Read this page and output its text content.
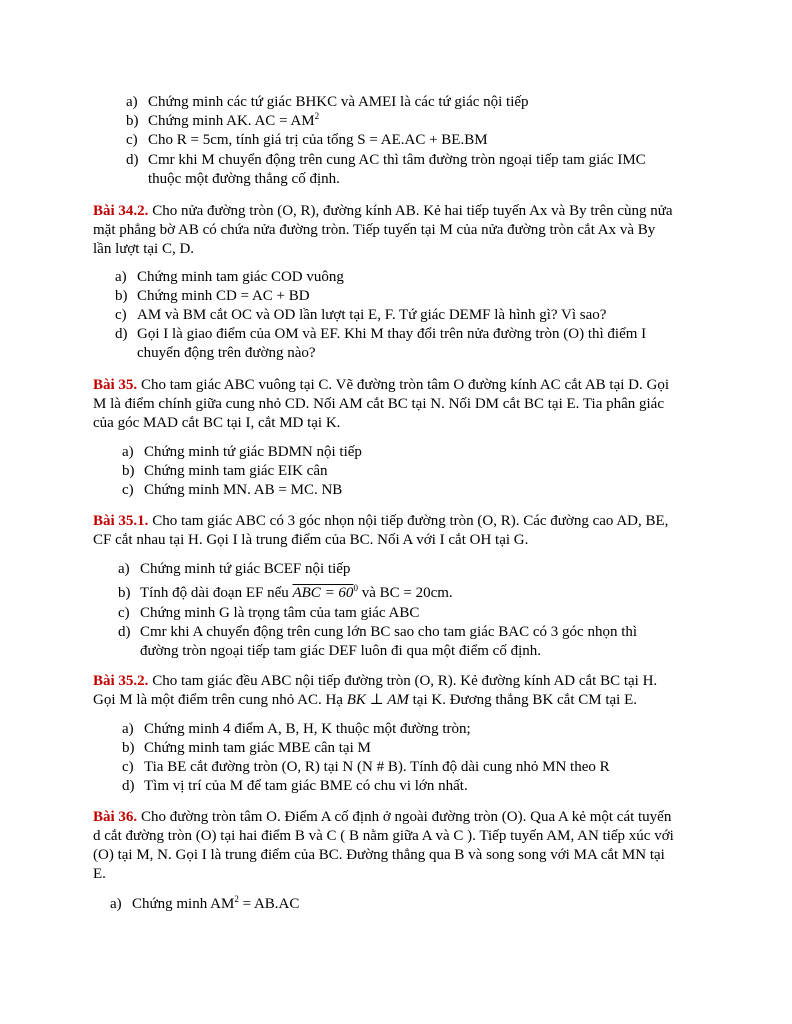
a) Chứng minh các tứ giác BHKC và AMEI là các tứ giác nội tiếp
b) Chứng minh AK. AC = $AM^2$
c) Cho R = 5cm, tính giá trị của tổng S = AE.AC + BE.BM
d) Cmr khi M chuyển động trên cung AC thì tâm đường tròn ngoại tiếp tam giác IMC
thuộc một đường thẳng cố định.
Bài 34.2. Cho nửa đường tròn (O, R), đường kính AB. Kẻ hai tiếp tuyến Ax và By trên cùng nửa
mặt phẳng bờ AB có chứa nửa đường tròn. Tiếp tuyến tại M của nửa đường tròn cắt Ax và By
lần lượt tại C, D.
a) Chứng minh tam giác COD vuông
b) Chứng minh CD = AC + BD
c) AM và BM cắt OC và OD lần lượt tại E, F. Tứ giác DEMF là hình gì? Vì sao?
d) Gọi I là giao điểm của OM và EF. Khi M thay đổi trên nửa đường tròn (O) thì điểm I
chuyển động trên đường nào?
Bài 35. Cho tam giác ABC vuông tại C. Vẽ đường tròn tâm O đường kính AC cắt AB tại D. Gọi
M là điểm chính giữa cung nhỏ CD. Nối AM cắt BC tại N. Nối DM cắt BC tại E. Tia phân giác
của góc MAD cắt BC tại I, cắt MD tại K.
a) Chứng minh tứ giác BDMN nội tiếp
b) Chứng minh tam giác EIK cân
c) Chứng minh MN. AB = MC. NB
Bài 35.1. Cho tam giác ABC có 3 góc nhọn nội tiếp đường tròn (O, R). Các đường cao AD, BE,
CF cắt nhau tại H. Gọi I là trung điểm của BC. Nối A với I cắt OH tại G.
a) Chứng minh tứ giác BCEF nội tiếp
b) Tính độ dài đoạn EF nếu ABC = $60^0$ và BC = 20cm.
c) Chứng minh G là trọng tâm của tam giác ABC
d) Cmr khi A chuyển động trên cung lớn BC sao cho tam giác BAC có 3 góc nhọn thì
đường tròn ngoại tiếp tam giác DEF luôn đi qua một điểm cố định.
Bài 35.2. Cho tam giác đều ABC nội tiếp đường tròn (O, R). Kẻ đường kính AD cắt BC tại H.
Gọi M là một điểm trên cung nhỏ AC. Hạ BK ⊥ AM tại K. Đương thẳng BK cắt CM tại E.
a) Chứng minh 4 điểm A, B, H, K thuộc một đường tròn;
b) Chứng minh tam giác MBE cân tại M
c) Tia BE cắt đường tròn (O, R) tại N (N # B). Tính độ dài cung nhỏ MN theo R
d) Tìm vị trí của M để tam giác BME có chu vi lớn nhất.
Bài 36. Cho đường tròn tâm O. Điểm A cố định ở ngoài đường tròn (O). Qua A kẻ một cát tuyến
d cắt đường tròn (O) tại hai điểm B và C ( B nằm giữa A và C ). Tiếp tuyến AM, AN tiếp xúc với
(O) tại M, N. Gọi I là trung điểm của BC. Đường thẳng qua B và song song với MA cắt MN tại
E.
a) Chứng minh $AM^2 = AB.AC$
